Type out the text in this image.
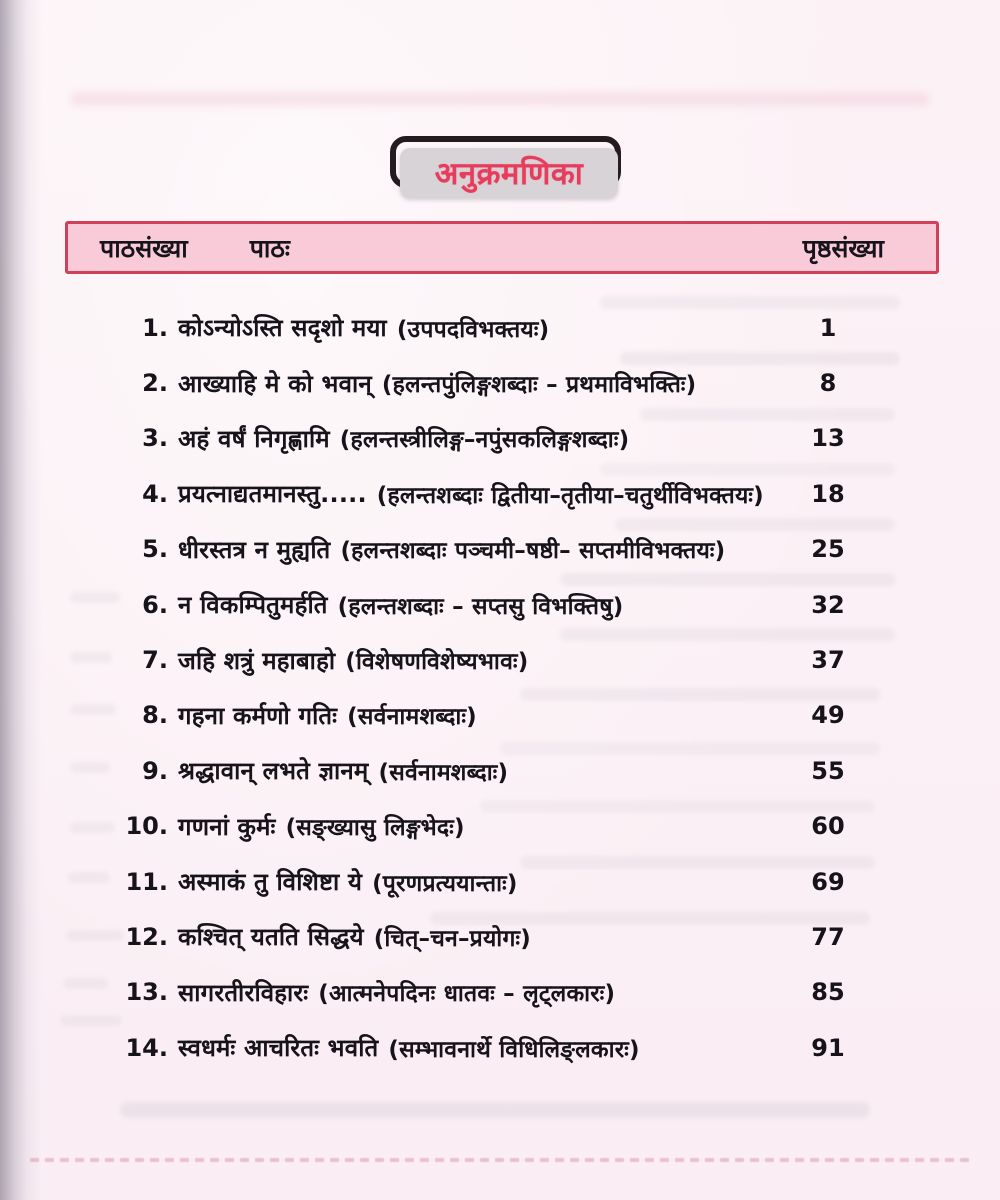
अनुक्रमणिका
पाठसंख्या पाठः	पृष्ठसंख्या
1. कोऽन्योऽस्ति सदृशो मया (उपपदविभक्तयः)	1
2. आख्याहि मे को भवान् (हलन्तपुंलिङ्गशब्दाः – प्रथमाविभक्तिः)	8
3. अहं वर्षं निगृह्णामि (हलन्तस्त्रीलिङ्ग–नपुंसकलिङ्गशब्दाः)	13
4. प्रयत्नाद्यतमानस्तु..... (हलन्तशब्दाः द्वितीया–तृतीया–चतुर्थीविभक्तयः)	18
5. धीरस्तत्र न मुह्यति (हलन्तशब्दाः पञ्चमी–षष्ठी– सप्तमीविभक्तयः)	25
6. न विकम्पितुमर्हति (हलन्तशब्दाः – सप्तसु विभक्तिषु)	32
7. जहि शत्रुं महाबाहो (विशेषणविशेष्यभावः)	37
8. गहना कर्मणो गतिः (सर्वनामशब्दाः)	49
9. श्रद्धावान् लभते ज्ञानम् (सर्वनामशब्दाः)	55
10. गणनां कुर्मः (सङ्ख्यासु लिङ्गभेदः)	60
11. अस्माकं तु विशिष्टा ये (पूरणप्रत्ययान्ताः)	69
12. कश्चित् यतति सिद्धये (चित्–चन–प्रयोगः)	77
13. सागरतीरविहारः (आत्मनेपदिनः धातवः – लृट्लकारः)	85
14. स्वधर्मः आचरितः भवति (सम्भावनार्थे विधिलिङ्लकारः)	91
